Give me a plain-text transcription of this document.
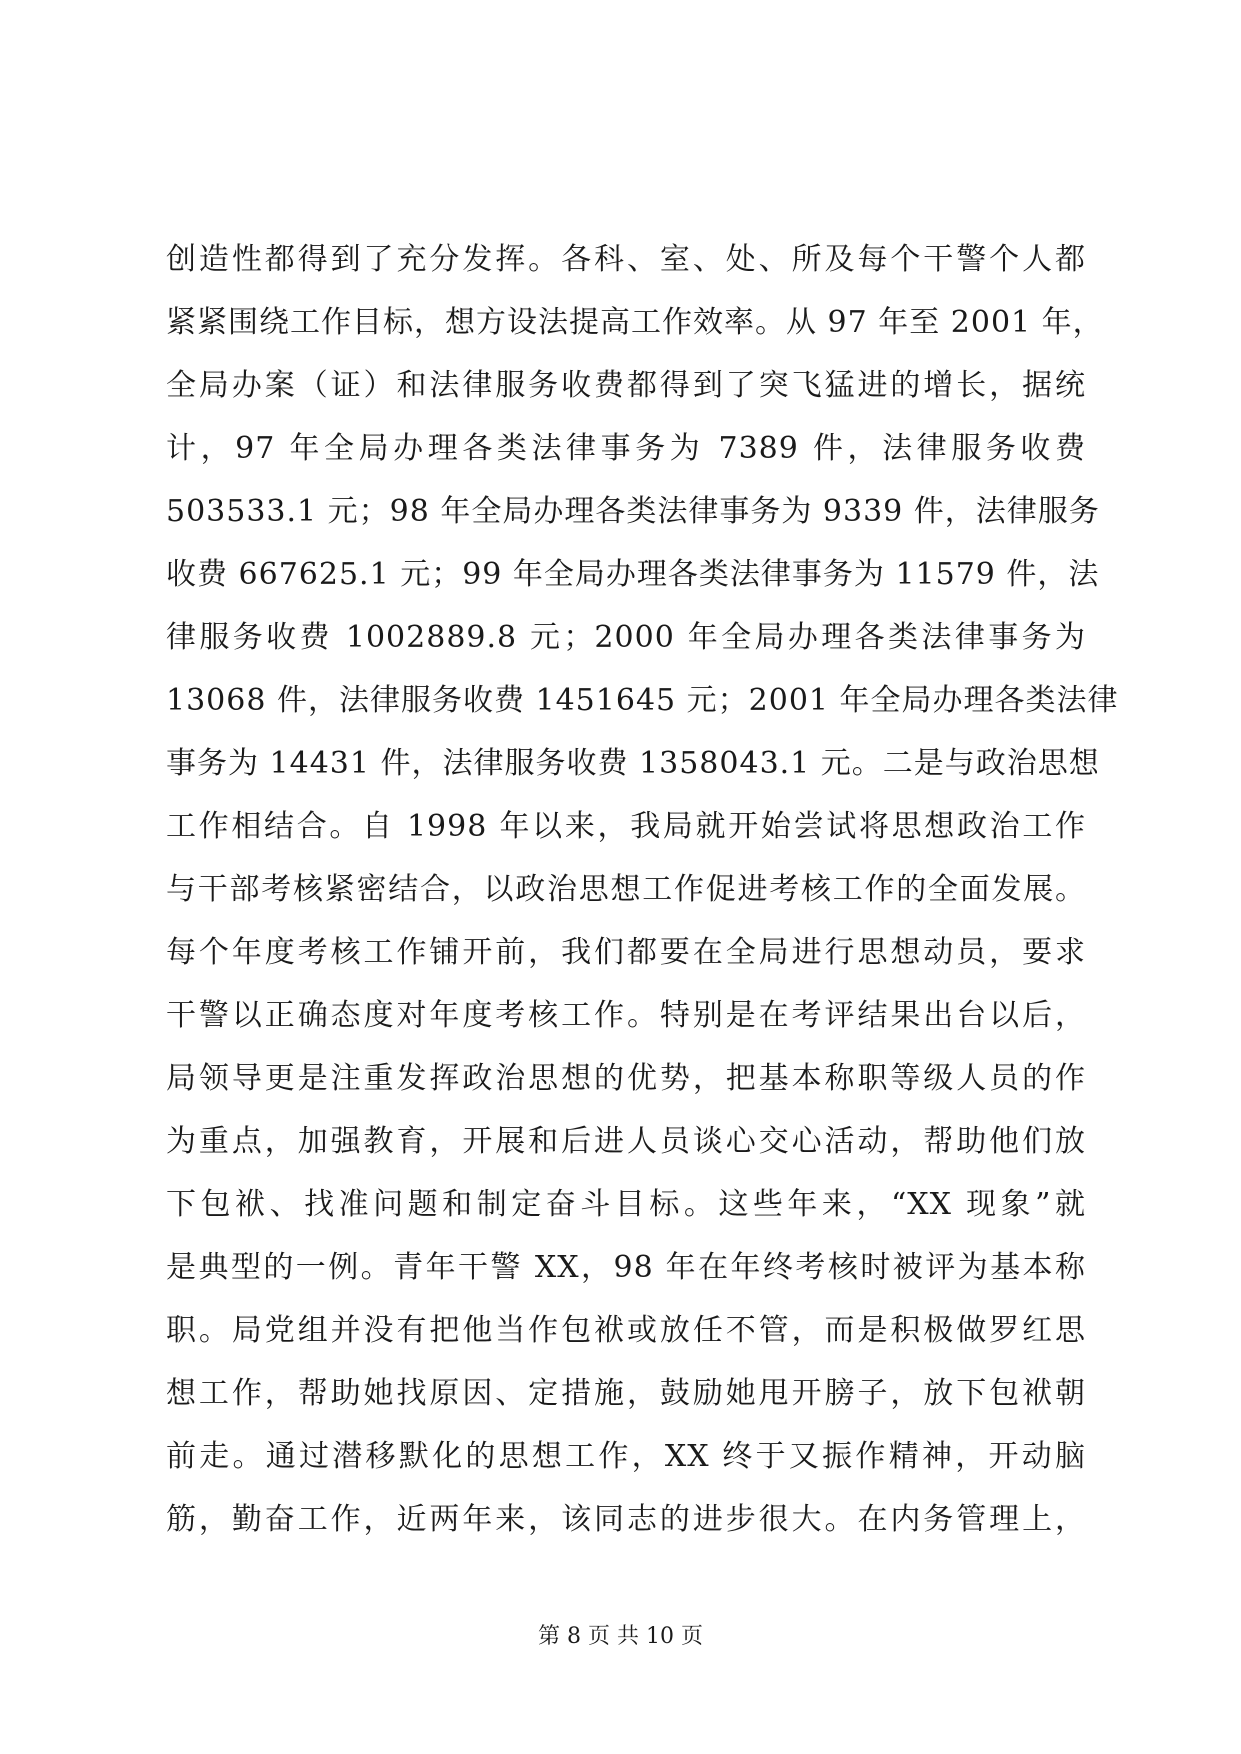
创造性都得到了充分发挥。各科、室、处、所及每个干警个人都
紧紧围绕工作目标，想方设法提高工作效率。从 97 年至 2001 年，
全局办案（证）和法律服务收费都得到了突飞猛进的增长，据统
计，97 年全局办理各类法律事务为 7389 件，法律服务收费
503533.1 元；98 年全局办理各类法律事务为 9339 件，法律服务
收费 667625.1 元；99 年全局办理各类法律事务为 11579 件，法
律服务收费 1002889.8 元；2000 年全局办理各类法律事务为
13068 件，法律服务收费 1451645 元；2001 年全局办理各类法律
事务为 14431 件，法律服务收费 1358043.1 元。二是与政治思想
工作相结合。自 1998 年以来，我局就开始尝试将思想政治工作
与干部考核紧密结合，以政治思想工作促进考核工作的全面发展。
每个年度考核工作铺开前，我们都要在全局进行思想动员，要求
干警以正确态度对年度考核工作。特别是在考评结果出台以后，
局领导更是注重发挥政治思想的优势，把基本称职等级人员的作
为重点，加强教育，开展和后进人员谈心交心活动，帮助他们放
下包袱、找准问题和制定奋斗目标。这些年来，“XX 现象”就
是典型的一例。青年干警 XX，98 年在年终考核时被评为基本称
职。局党组并没有把他当作包袱或放任不管，而是积极做罗红思
想工作，帮助她找原因、定措施，鼓励她甩开膀子，放下包袱朝
前走。通过潜移默化的思想工作，XX 终于又振作精神，开动脑
筋，勤奋工作，近两年来，该同志的进步很大。在内务管理上，
第 8 页 共 10 页
